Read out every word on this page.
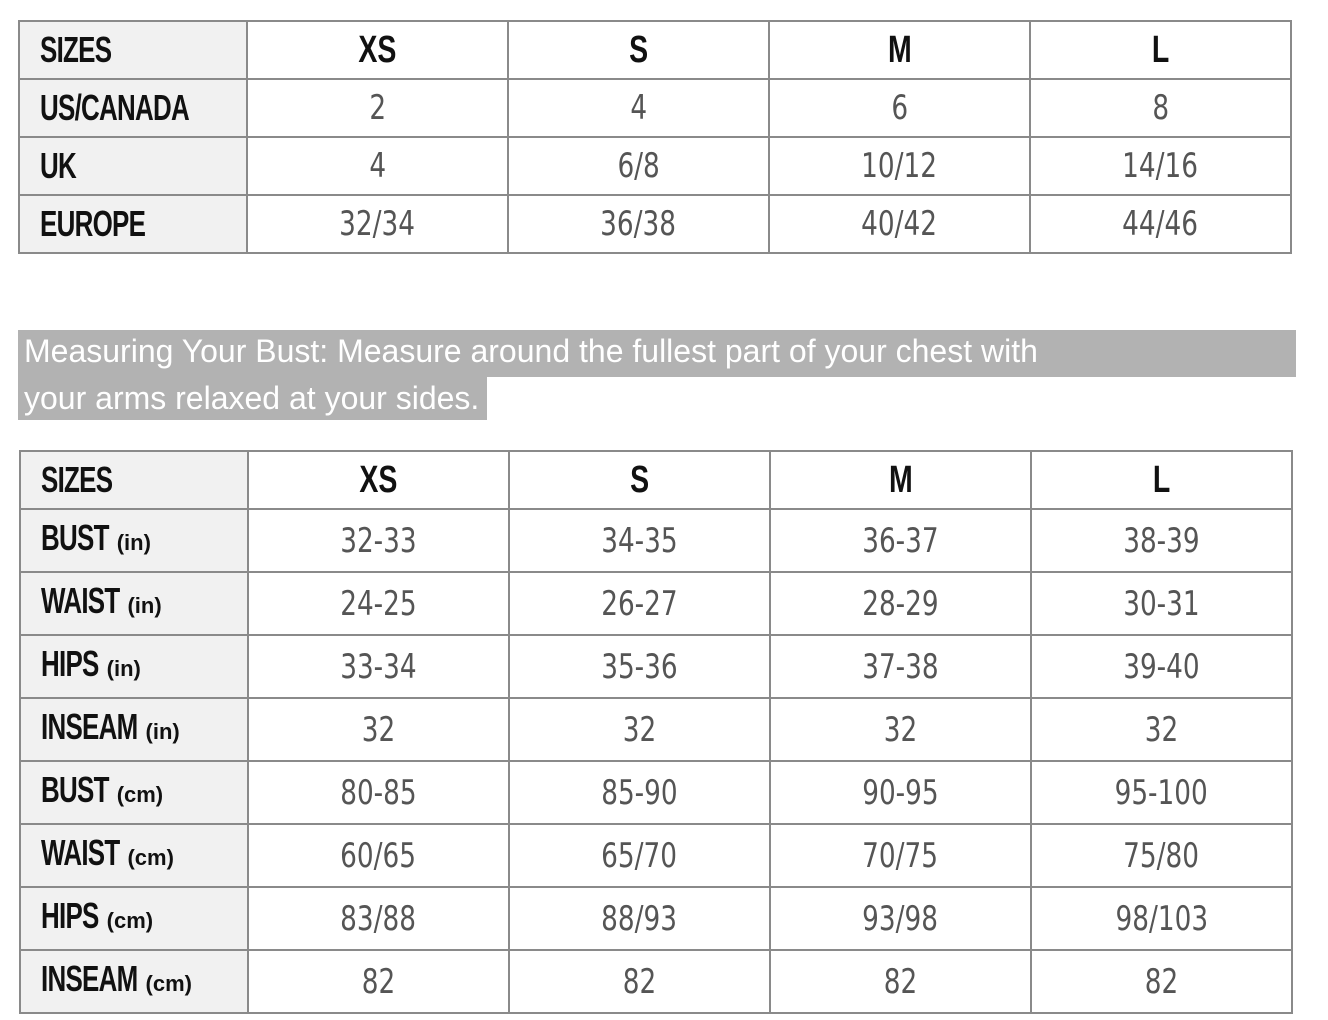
SIZES	XS	S	M	L
US/CANADA	2	4	6	8
UK	4	6/8	10/12	14/16
EUROPE	32/34	36/38	40/42	44/46
Measuring Your Bust: Measure around the fullest part of your chest with
your arms relaxed at your sides.
SIZES	XS	S	M	L
BUST (in)	32-33	34-35	36-37	38-39
WAIST (in)	24-25	26-27	28-29	30-31
HIPS (in)	33-34	35-36	37-38	39-40
INSEAM (in)	32	32	32	32
BUST (cm)	80-85	85-90	90-95	95-100
WAIST (cm)	60/65	65/70	70/75	75/80
HIPS (cm)	83/88	88/93	93/98	98/103
INSEAM (cm)	82	82	82	82
